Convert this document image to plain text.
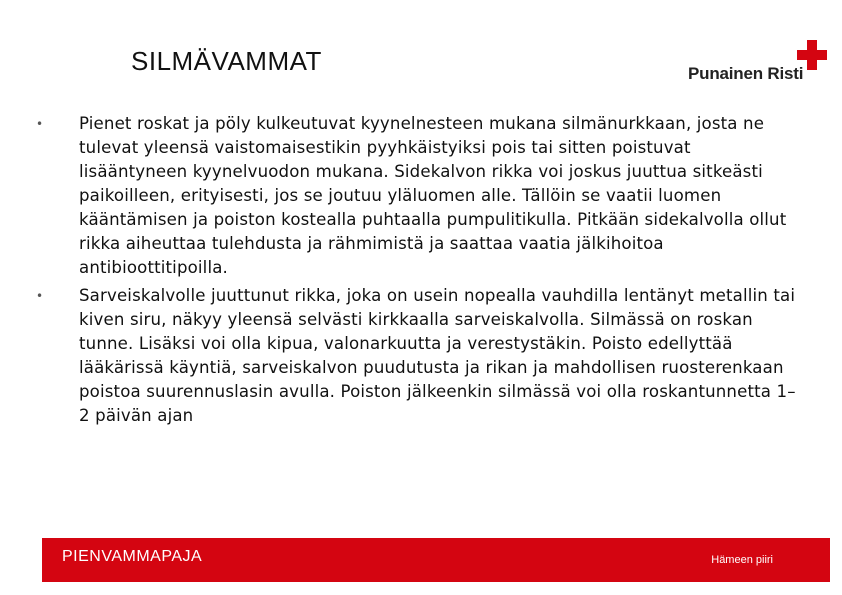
SILMÄVAMMAT	Punainen Risti
• Pienet roskat ja pöly kulkeutuvat kyynelnesteen mukana silmänurkkaan, josta ne tulevat yleensä vaistomaisestikin pyyhkäistyiksi pois tai sitten poistuvat lisääntyneen kyynelvuodon mukana. Sidekalvon rikka voi joskus juuttua sitkeästi paikoilleen, erityisesti, jos se joutuu yläluomen alle. Tällöin se vaatii luomen kääntämisen ja poiston kostealla puhtaalla pumpulitikulla. Pitkään sidekalvolla ollut rikka aiheuttaa tulehdusta ja rähmimistä ja saattaa vaatia jälkihoitoa antibioottitipoilla.
• Sarveiskalvolle juuttunut rikka, joka on usein nopealla vauhdilla lentänyt metallin tai kiven siru, näkyy yleensä selvästi kirkkaalla sarveiskalvolla. Silmässä on roskan tunne. Lisäksi voi olla kipua, valonarkuutta ja verestystäkin. Poisto edellyttää lääkärissä käyntiä, sarveiskalvon puudutusta ja rikan ja mahdollisen ruosterenkaan poistoa suurennuslasin avulla. Poiston jälkeenkin silmässä voi olla roskantunnetta 1–2 päivän ajan
PIENVAMMAPAJA	Hämeen piiri
